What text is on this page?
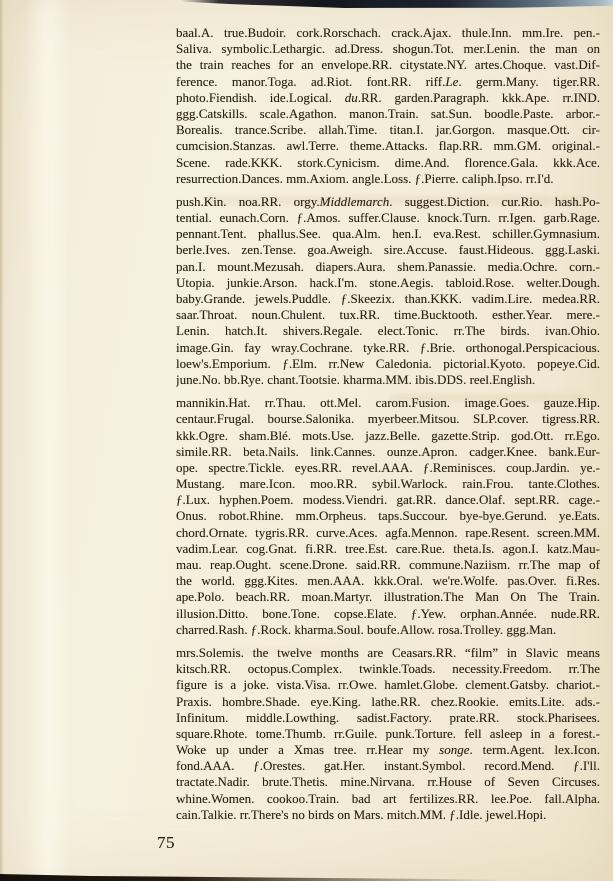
baal.A. true.Budoir. cork.Rorschach. crack.Ajax. thule.Inn. mm.Ire. pen.-
Saliva. symbolic.Lethargic. ad.Dress. shogun.Tot. mer.Lenin. the man on
the train reaches for an envelope.RR. citystate.NY. artes.Choque. vast.Dif-
ference. manor.Toga. ad.Riot. font.RR. riff.Le. germ.Many. tiger.RR.
photo.Fiendish. ide.Logical. du.RR. garden.Paragraph. kkk.Ape. rr.IND.
ggg.Catskills. scale.Agathon. manon.Train. sat.Sun. boodle.Paste. arbor.-
Borealis. trance.Scribe. allah.Time. titan.I. jar.Gorgon. masque.Ott. cir-
cumcision.Stanzas. awl.Terre. theme.Attacks. flap.RR. mm.GM. original.-
Scene. rade.KKK. stork.Cynicism. dime.And. florence.Gala. kkk.Ace.
resurrection.Dances. mm.Axiom. angle.Loss. ƒ.Pierre. caliph.Ipso. rr.I'd.
push.Kin. noa.RR. orgy.Middlemarch. suggest.Diction. cur.Rio. hash.Po-
tential. eunach.Corn. ƒ.Amos. suffer.Clause. knock.Turn. rr.Igen. garb.Rage.
pennant.Tent. phallus.See. qua.Alm. hen.I. eva.Rest. schiller.Gymnasium.
berle.Ives. zen.Tense. goa.Aweigh. sire.Accuse. faust.Hideous. ggg.Laski.
pan.I. mount.Mezusah. diapers.Aura. shem.Panassie. media.Ochre. corn.-
Utopia. junkie.Arson. hack.I'm. stone.Aegis. tabloid.Rose. welter.Dough.
baby.Grande. jewels.Puddle. ƒ.Skeezix. than.KKK. vadim.Lire. medea.RR.
saar.Throat. noun.Chulent. tux.RR. time.Bucktooth. esther.Year. mere.-
Lenin. hatch.It. shivers.Regale. elect.Tonic. rr.The birds. ivan.Ohio.
image.Gin. fay wray.Cochrane. tyke.RR. ƒ.Brie. orthonogal.Perspicacious.
loew's.Emporium. ƒ.Elm. rr.New Caledonia. pictorial.Kyoto. popeye.Cid.
june.No. bb.Rye. chant.Tootsie. kharma.MM. ibis.DDS. reel.English.
mannikin.Hat. rr.Thau. ott.Mel. carom.Fusion. image.Goes. gauze.Hip.
centaur.Frugal. bourse.Salonika. myerbeer.Mitsou. SLP.cover. tigress.RR.
kkk.Ogre. sham.Blé. mots.Use. jazz.Belle. gazette.Strip. god.Ott. rr.Ego.
simile.RR. beta.Nails. link.Cannes. ounze.Apron. cadger.Knee. bank.Eur-
ope. spectre.Tickle. eyes.RR. revel.AAA. ƒ.Reminisces. coup.Jardin. ye.-
Mustang. mare.Icon. moo.RR. sybil.Warlock. rain.Frou. tante.Clothes.
ƒ.Lux. hyphen.Poem. modess.Viendri. gat.RR. dance.Olaf. sept.RR. cage.-
Onus. robot.Rhine. mm.Orpheus. taps.Succour. bye-bye.Gerund. ye.Eats.
chord.Ornate. tygris.RR. curve.Aces. agfa.Mennon. rape.Resent. screen.MM.
vadim.Lear. cog.Gnat. fi.RR. tree.Est. care.Rue. theta.Is. agon.I. katz.Mau-
mau. reap.Ought. scene.Drone. said.RR. commune.Naziism. rr.The map of
the world. ggg.Kites. men.AAA. kkk.Oral. we're.Wolfe. pas.Over. fi.Res.
ape.Polo. beach.RR. moan.Martyr. illustration.The Man On The Train.
illusion.Ditto. bone.Tone. copse.Elate. ƒ.Yew. orphan.Année. nude.RR.
charred.Rash. ƒ.Rock. kharma.Soul. boufe.Allow. rosa.Trolley. ggg.Man.
mrs.Solemis. the twelve months are Ceasars.RR. “film” in Slavic means
kitsch.RR. octopus.Complex. twinkle.Toads. necessity.Freedom. rr.The
figure is a joke. vista.Visa. rr.Owe. hamlet.Globe. clement.Gatsby. chariot.-
Praxis. hombre.Shade. eye.King. lathe.RR. chez.Rookie. emits.Lite. ads.-
Infinitum. middle.Lowthing. sadist.Factory. prate.RR. stock.Pharisees.
square.Rhote. tome.Thumb. rr.Guile. punk.Torture. fell asleep in a forest.-
Woke up under a Xmas tree. rr.Hear my songe. term.Agent. lex.Icon.
fond.AAA. ƒ.Orestes. gat.Her. instant.Symbol. record.Mend. ƒ.I'll.
tractate.Nadir. brute.Thetis. mine.Nirvana. rr.House of Seven Circuses.
whine.Women. cookoo.Train. bad art fertilizes.RR. lee.Poe. fall.Alpha.
cain.Talkie. rr.There's no birds on Mars. mitch.MM. ƒ.Idle. jewel.Hopi.
75
